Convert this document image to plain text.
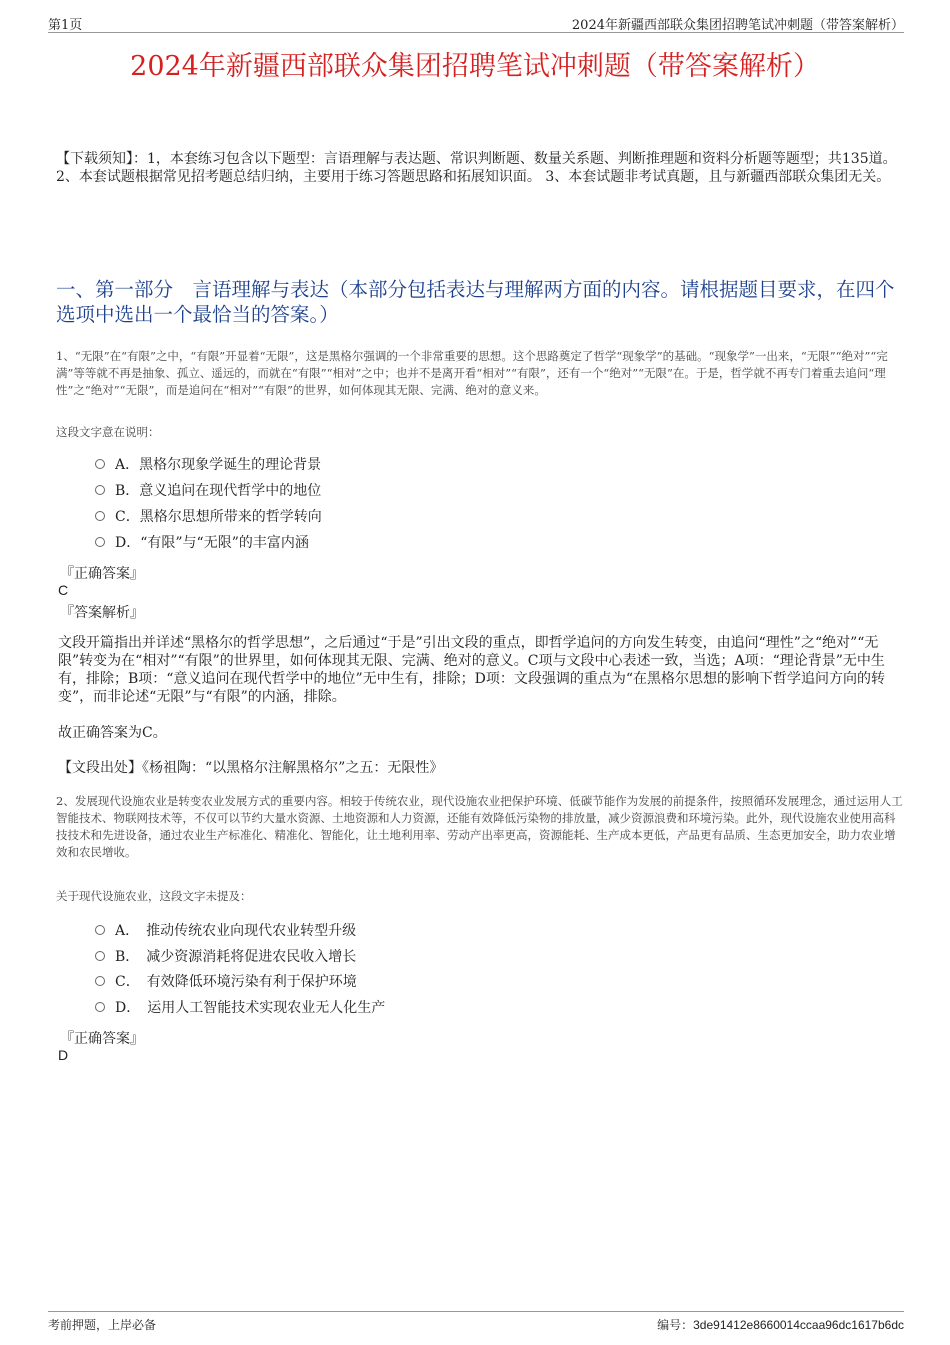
第1页	2024年新疆西部联众集团招聘笔试冲刺题（带答案解析）
2024年新疆西部联众集团招聘笔试冲刺题（带答案解析）
【下载须知】：1，本套练习包含以下题型：言语理解与表达题、常识判断题、数量关系题、判断推理题和资料分析题等题型；共135道。 2、本套试题根据常见招考题总结归纳，主要用于练习答题思路和拓展知识面。 3、本套试题非考试真题，且与新疆西部联众集团无关。
一、第一部分　言语理解与表达（本部分包括表达与理解两方面的内容。请根据题目要求，在四个选项中选出一个最恰当的答案。）
1、“无限”在“有限”之中，“有限”开显着“无限”，这是黑格尔强调的一个非常重要的思想。这个思路奠定了哲学“现象学”的基础。“现象学”一出来，“无限”“绝对”“完满”等等就不再是抽象、孤立、遥远的，而就在“有限”“相对”之中；也并不是离开看“相对”“有限”，还有一个“绝对”“无限”在。于是，哲学就不再专门着重去追问“理性”之“绝对”“无限”，而是追问在“相对”“有限”的世界，如何体现其无限、完满、绝对的意义来。
这段文字意在说明：
A．黑格尔现象学诞生的理论背景
B．意义追问在现代哲学中的地位
C．黑格尔思想所带来的哲学转向
D．“有限”与“无限”的丰富内涵
『正确答案』
C
『答案解析』
文段开篇指出并详述“黑格尔的哲学思想”，之后通过“于是”引出文段的重点，即哲学追问的方向发生转变，由追问“理性”之“绝对”“无限”转变为在“相对”“有限”的世界里，如何体现其无限、完满、绝对的意义。C项与文段中心表述一致，当选；A项：“理论背景”无中生有，排除；B项：“意义追问在现代哲学中的地位”无中生有，排除；D项：文段强调的重点为“在黑格尔思想的影响下哲学追问方向的转变”，而非论述“无限”与“有限”的内涵，排除。
故正确答案为C。
【文段出处】《杨祖陶：“以黑格尔注解黑格尔”之五：无限性》
2、发展现代设施农业是转变农业发展方式的重要内容。相较于传统农业，现代设施农业把保护环境、低碳节能作为发展的前提条件，按照循环发展理念，通过运用人工智能技术、物联网技术等，不仅可以节约大量水资源、土地资源和人力资源，还能有效降低污染物的排放量，减少资源浪费和环境污染。此外，现代设施农业使用高科技技术和先进设备，通过农业生产标准化、精准化、智能化，让土地利用率、劳动产出率更高，资源能耗、生产成本更低，产品更有品质、生态更加安全，助力农业增效和农民增收。
关于现代设施农业，这段文字未提及：
A．　推动传统农业向现代农业转型升级
B．　减少资源消耗将促进农民收入增长
C．　有效降低环境污染有利于保护环境
D．　运用人工智能技术实现农业无人化生产
『正确答案』
D
考前押题，上岸必备	编号：3de91412e8660014ccaa96dc1617b6dc
